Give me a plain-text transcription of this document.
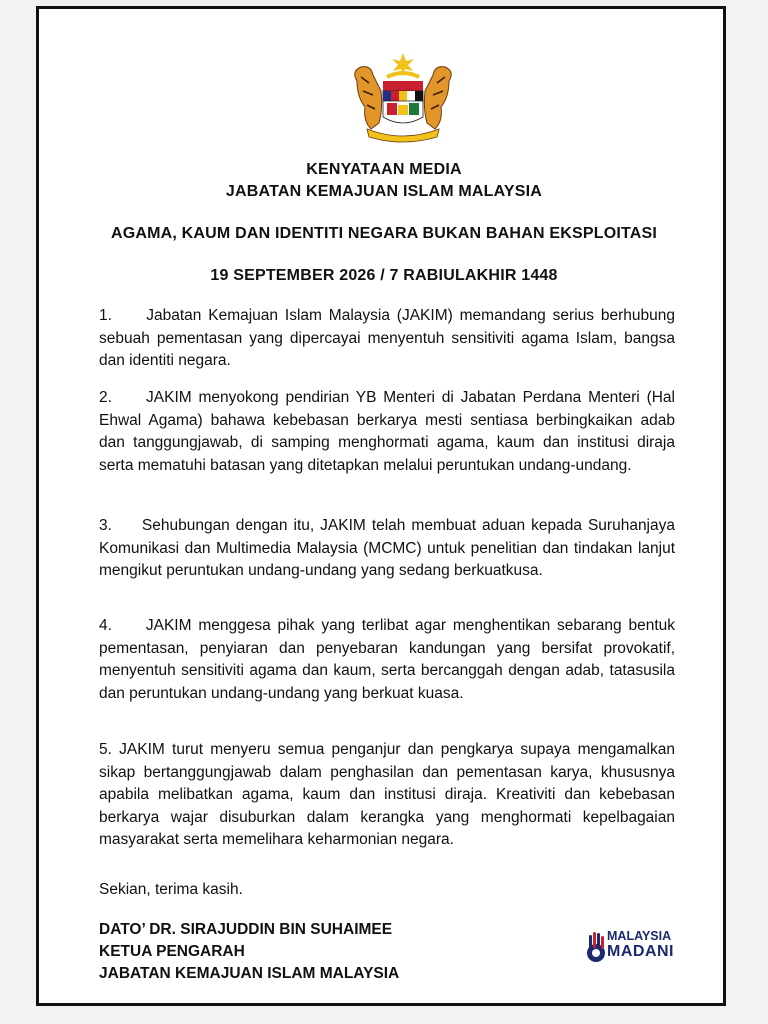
KENYATAAN MEDIA
JABATAN KEMAJUAN ISLAM MALAYSIA
AGAMA, KAUM DAN IDENTITI NEGARA BUKAN BAHAN EKSPLOITASI
19 SEPTEMBER 2026 / 7 RABIULAKHIR 1448
1.     Jabatan Kemajuan Islam Malaysia (JAKIM) memandang serius berhubung sebuah pementasan yang dipercayai menyentuh sensitiviti agama Islam, bangsa dan identiti negara.
2.     JAKIM menyokong pendirian YB Menteri di Jabatan Perdana Menteri (Hal Ehwal Agama) bahawa kebebasan berkarya mesti sentiasa berbingkaikan adab dan tanggungjawab, di samping menghormati agama, kaum dan institusi diraja serta mematuhi batasan yang ditetapkan melalui peruntukan undang-undang.
3.     Sehubungan dengan itu, JAKIM telah membuat aduan kepada Suruhanjaya Komunikasi dan Multimedia Malaysia (MCMC) untuk penelitian dan tindakan lanjut mengikut peruntukan undang-undang yang sedang berkuatkusa.
4.     JAKIM menggesa pihak yang terlibat agar menghentikan sebarang bentuk pementasan, penyiaran dan penyebaran kandungan yang bersifat provokatif, menyentuh sensitiviti agama dan kaum, serta bercanggah dengan adab, tatasusila dan peruntukan undang-undang yang berkuat kuasa.
5. JAKIM turut menyeru semua penganjur dan pengkarya supaya mengamalkan sikap bertanggungjawab dalam penghasilan dan pementasan karya, khususnya apabila melibatkan agama, kaum dan institusi diraja. Kreativiti dan kebebasan berkarya wajar disuburkan dalam kerangka yang menghormati kepelbagaian masyarakat serta memelihara keharmonian negara.
Sekian, terima kasih.
DATO’ DR. SIRAJUDDIN BIN SUHAIMEE
KETUA PENGARAH
JABATAN KEMAJUAN ISLAM MALAYSIA
MALAYSIA
MADANI
